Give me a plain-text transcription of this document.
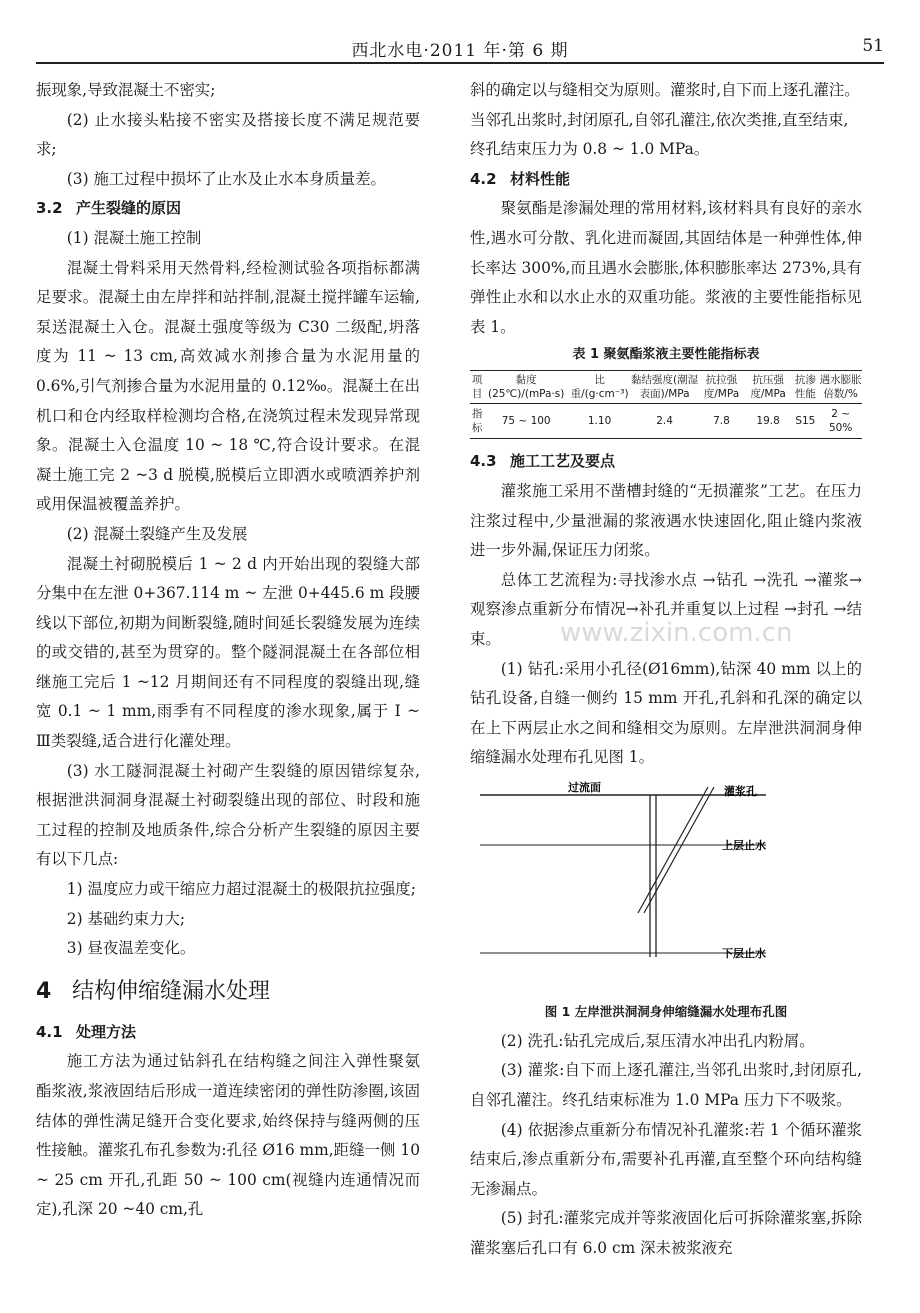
西北水电·2011 年·第 6 期	51
www.zixin.com.cn

振现象,导致混凝土不密实;

(2) 止水接头粘接不密实及搭接长度不满足规范要求;

(3) 施工过程中损坏了止水及止水本身质量差。

3.2 产生裂缝的原因

(1) 混凝土施工控制

混凝土骨料采用天然骨料,经检测试验各项指标都满足要求。混凝土由左岸拌和站拌制,混凝土搅拌罐车运输,泵送混凝土入仓。混凝土强度等级为 C30 二级配,坍落度为 11 ~ 13 cm,高效减水剂掺合量为水泥用量的 0.6%,引气剂掺合量为水泥用量的 0.12‰。混凝土在出机口和仓内经取样检测均合格,在浇筑过程未发现异常现象。混凝土入仓温度 10 ~ 18 ℃,符合设计要求。在混凝土施工完 2 ~3 d 脱模,脱模后立即洒水或喷洒养护剂或用保温被覆盖养护。

(2) 混凝土裂缝产生及发展

混凝土衬砌脱模后 1 ~ 2 d 内开始出现的裂缝大部分集中在左泄 0+367.114 m ~ 左泄 0+445.6 m 段腰线以下部位,初期为间断裂缝,随时间延长裂缝发展为连续的或交错的,甚至为贯穿的。整个隧洞混凝土在各部位相继施工完后 1 ~12 月期间还有不同程度的裂缝出现,缝宽 0.1 ~ 1 mm,雨季有不同程度的渗水现象,属于 Ⅰ ~ Ⅲ类裂缝,适合进行化灌处理。

(3) 水工隧洞混凝土衬砌产生裂缝的原因错综复杂,根据泄洪洞洞身混凝土衬砌裂缝出现的部位、时段和施工过程的控制及地质条件,综合分析产生裂缝的原因主要有以下几点:

1) 温度应力或干缩应力超过混凝土的极限抗拉强度;

2) 基础约束力大;

3) 昼夜温差变化。

4 结构伸缩缝漏水处理

4.1 处理方法

施工方法为通过钻斜孔在结构缝之间注入弹性聚氨酯浆液,浆液固结后形成一道连续密闭的弹性防渗圈,该固结体的弹性满足缝开合变化要求,始终保持与缝两侧的压性接触。灌浆孔布孔参数为:孔径 Ø16 mm,距缝一侧 10 ~ 25 cm 开孔,孔距 50 ~ 100 cm(视缝内连通情况而定),孔深 20 ~40 cm,孔

斜的确定以与缝相交为原则。灌浆时,自下而上逐孔灌注。当邻孔出浆时,封闭原孔,自邻孔灌注,依次类推,直至结束,终孔结束压力为 0.8 ~ 1.0 MPa。

4.2 材料性能

聚氨酯是渗漏处理的常用材料,该材料具有良好的亲水性,遇水可分散、乳化进而凝固,其固结体是一种弹性体,伸长率达 300%,而且遇水会膨胀,体积膨胀率达 273%,具有弹性止水和以水止水的双重功能。浆液的主要性能指标见表 1。

表 1 聚氨酯浆液主要性能指标表
项目	黏度(25℃)/(mPa·s)	比 重/(g·cm⁻³)	黏结强度(潮湿表面)/MPa	抗拉强度/MPa	抗压强度/MPa	抗渗性能	遇水膨胀倍数/%
指标	75 ~ 100	1.10	2.4	7.8	19.8	S15	2 ~ 50%

4.3 施工工艺及要点

灌浆施工采用不凿槽封缝的“无损灌浆”工艺。在压力注浆过程中,少量泄漏的浆液遇水快速固化,阻止缝内浆液进一步外漏,保证压力闭浆。

总体工艺流程为:寻找渗水点 →钻孔 →洗孔 →灌浆→观察渗点重新分布情况→补孔并重复以上过程 →封孔 →结束。

(1) 钻孔:采用小孔径(Ø16mm),钻深 40 mm 以上的钻孔设备,自缝一侧约 15 mm 开孔,孔斜和孔深的确定以在上下两层止水之间和缝相交为原则。左岸泄洪洞洞身伸缩缝漏水处理布孔见图 1。

过流面	灌浆孔
上层止水
下层止水
图 1 左岸泄洪洞洞身伸缩缝漏水处理布孔图

(2) 洗孔:钻孔完成后,泵压清水冲出孔内粉屑。

(3) 灌浆:自下而上逐孔灌注,当邻孔出浆时,封闭原孔,自邻孔灌注。终孔结束标准为 1.0 MPa 压力下不吸浆。

(4) 依据渗点重新分布情况补孔灌浆:若 1 个循环灌浆结束后,渗点重新分布,需要补孔再灌,直至整个环向结构缝无渗漏点。

(5) 封孔:灌浆完成并等浆液固化后可拆除灌浆塞,拆除灌浆塞后孔口有 6.0 cm 深未被浆液充
